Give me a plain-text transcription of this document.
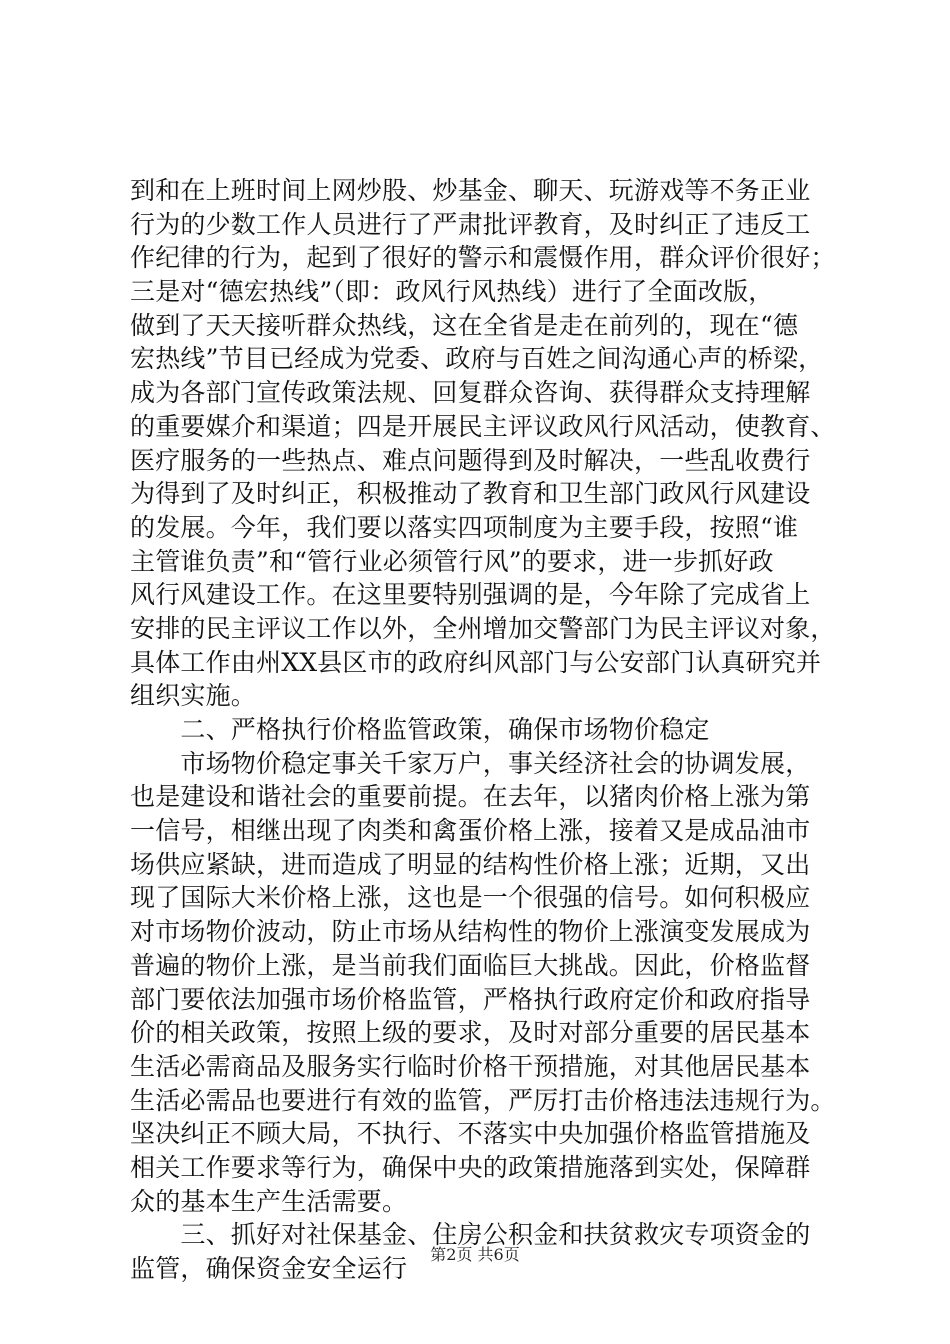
到和在上班时间上网炒股、炒基金、聊天、玩游戏等不务正业
行为的少数工作人员进行了严肃批评教育，及时纠正了违反工
作纪律的行为，起到了很好的警示和震慑作用，群众评价很好；
三是对“德宏热线”（即：政风行风热线）进行了全面改版，
做到了天天接听群众热线，这在全省是走在前列的，现在“德
宏热线”节目已经成为党委、政府与百姓之间沟通心声的桥梁，
成为各部门宣传政策法规、回复群众咨询、获得群众支持理解
的重要媒介和渠道；四是开展民主评议政风行风活动，使教育、
医疗服务的一些热点、难点问题得到及时解决，一些乱收费行
为得到了及时纠正，积极推动了教育和卫生部门政风行风建设
的发展。今年，我们要以落实四项制度为主要手段，按照“谁
主管谁负责”和“管行业必须管行风”的要求，进一步抓好政
风行风建设工作。在这里要特别强调的是，今年除了完成省上
安排的民主评议工作以外，全州增加交警部门为民主评议对象，
具体工作由州XX县区市的政府纠风部门与公安部门认真研究并
组织实施。
　　二、严格执行价格监管政策，确保市场物价稳定
　　市场物价稳定事关千家万户，事关经济社会的协调发展，
也是建设和谐社会的重要前提。在去年，以猪肉价格上涨为第
一信号，相继出现了肉类和禽蛋价格上涨，接着又是成品油市
场供应紧缺，进而造成了明显的结构性价格上涨；近期，又出
现了国际大米价格上涨，这也是一个很强的信号。如何积极应
对市场物价波动，防止市场从结构性的物价上涨演变发展成为
普遍的物价上涨，是当前我们面临巨大挑战。因此，价格监督
部门要依法加强市场价格监管，严格执行政府定价和政府指导
价的相关政策，按照上级的要求，及时对部分重要的居民基本
生活必需商品及服务实行临时价格干预措施，对其他居民基本
生活必需品也要进行有效的监管，严厉打击价格违法违规行为。
坚决纠正不顾大局，不执行、不落实中央加强价格监管措施及
相关工作要求等行为，确保中央的政策措施落到实处，保障群
众的基本生产生活需要。
　　三、抓好对社保基金、住房公积金和扶贫救灾专项资金的
监管，确保资金安全运行	第2页 共6页
